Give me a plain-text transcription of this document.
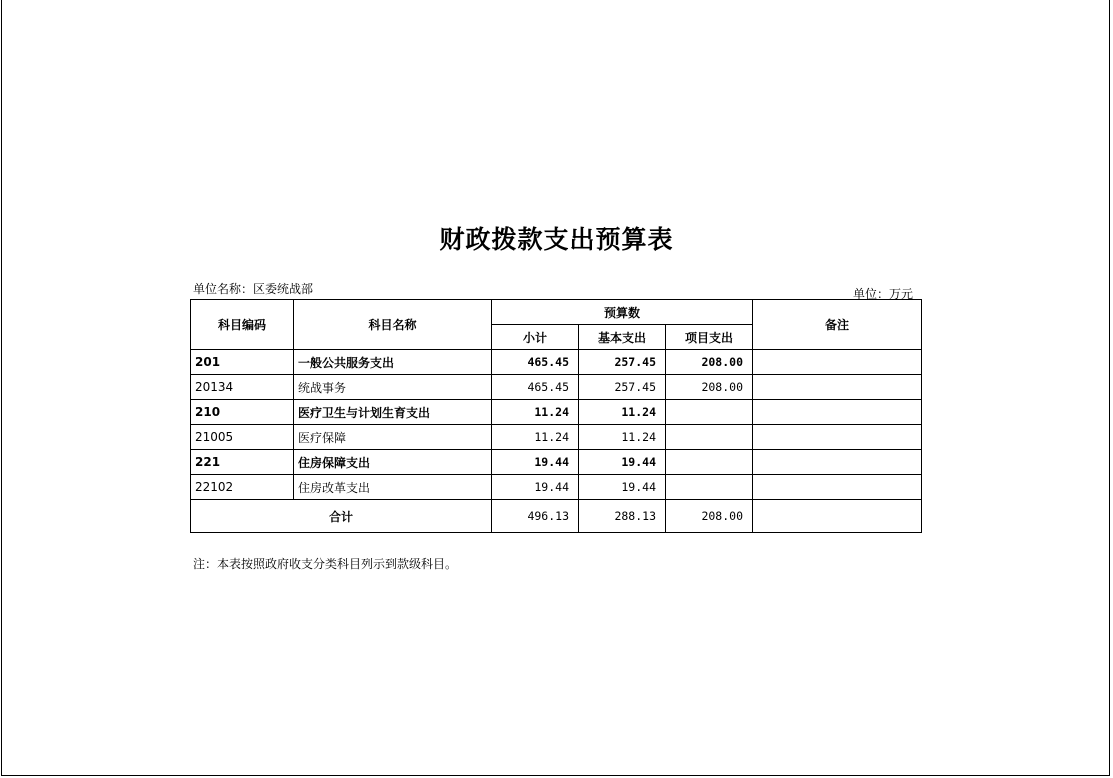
财政拨款支出预算表
单位名称：区委统战部	单位：万元
科目编码	科目名称	预算数			备注
		小计	基本支出	项目支出	
201	一般公共服务支出	465.45	257.45	208.00	
20134	统战事务	465.45	257.45	208.00	
210	医疗卫生与计划生育支出	11.24	11.24		
21005	医疗保障	11.24	11.24		
221	住房保障支出	19.44	19.44		
22102	住房改革支出	19.44	19.44		
合计		496.13	288.13	208.00	
注：本表按照政府收支分类科目列示到款级科目。
